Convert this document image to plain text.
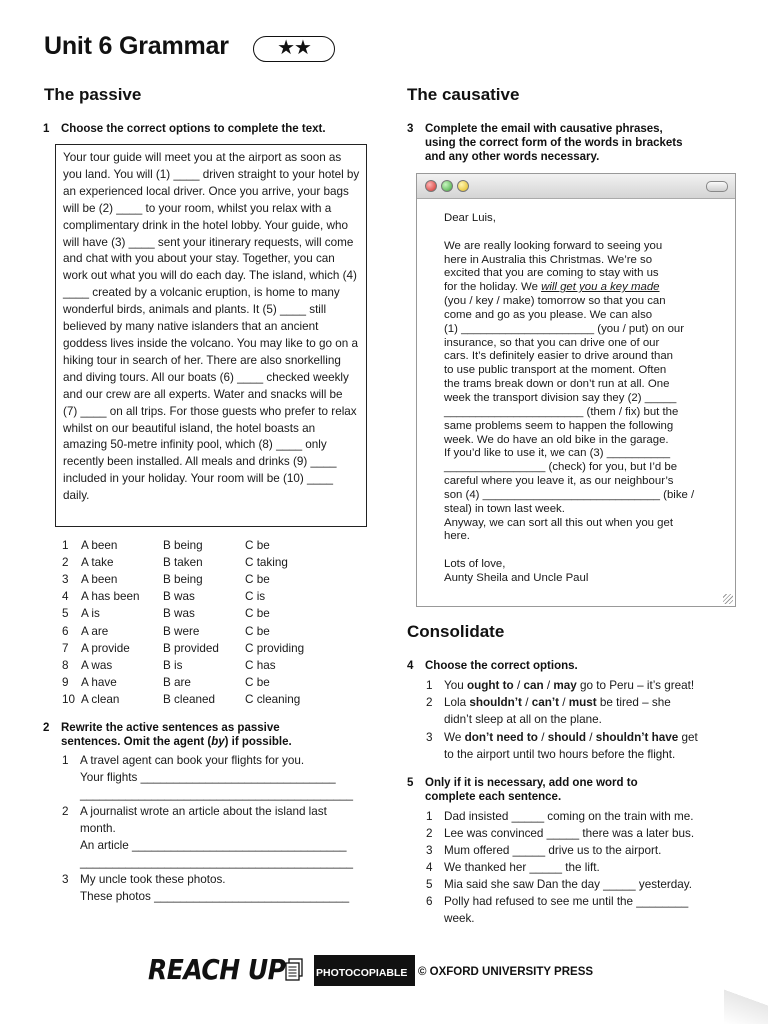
Unit 6 Grammar	★★
The passive
1 Choose the correct options to complete the text.
Your tour guide will meet you at the airport as soon as you land. You will (1) ____ driven straight to your hotel by an experienced local driver. Once you arrive, your bags will be (2) ____ to your room, whilst you relax with a complimentary drink in the hotel lobby. Your guide, who will have (3) ____ sent your itinerary requests, will come and chat with you about your stay. Together, you can work out what you will do each day. The island, which (4) ____ created by a volcanic eruption, is home to many wonderful birds, animals and plants. It (5) ____ still believed by many native islanders that an ancient goddess lives inside the volcano. You may like to go on a hiking tour in search of her. There are also snorkelling and diving tours. All our boats (6) ____ checked weekly and our crew are all experts. Water and snacks will be (7) ____ on all trips. For those guests who prefer to relax whilst on our beautiful island, the hotel boasts an amazing 50-metre infinity pool, which (8) ____ only recently been installed. All meals and drinks (9) ____ included in your holiday. Your room will be (10) ____ daily.
1 A been	B being	C be
2 A take	B taken	C taking
3 A been	B being	C be
4 A has been B was	C is
5 A is	B was	C be
6 A are	B were	C be
7 A provide	B provided C providing
8 A was	B is	C has
9 A have	B are	C be
10 A clean	B cleaned	C cleaning
2 Rewrite the active sentences as passive
sentences. Omit the agent (by) if possible.
1 A travel agent can book your flights for you.
Your flights ______________________________
__________________________________________
2 A journalist wrote an article about the island last
month.
An article _________________________________
__________________________________________
3 My uncle took these photos.
These photos ______________________________
The causative
3 Complete the email with causative phrases,
using the correct form of the words in brackets
and any other words necessary.

Dear Luis,

We are really looking forward to seeing you

here in Australia this Christmas. We’re so

excited that you are coming to stay with us

for the holiday. We will get you a key made

(you / key / make) tomorrow so that you can

come and go as you please. We can also

(1) _____________________ (you / put) on our

insurance, so that you can drive one of our

cars. It’s definitely easier to drive around than

to use public transport at the moment. Often

the trams break down or don’t run at all. One

week the transport division say they (2) _____

______________________ (them / fix) but the

same problems seem to happen the following

week. We do have an old bike in the garage.

If you’d like to use it, we can (3) __________

________________ (check) for you, but I’d be

careful where you leave it, as our neighbour’s

son (4) ____________________________ (bike /

steal) in town last week.

Anyway, we can sort all this out when you get

here.

Lots of love,

Aunty Sheila and Uncle Paul

Consolidate
4 Choose the correct options.
1 You ought to / can / may go to Peru – it’s great!
2 Lola shouldn’t / can’t / must be tired – she
didn’t sleep at all on the plane.
3 We don’t need to / should / shouldn’t have get
to the airport until two hours before the flight.
5 Only if it is necessary, add one word to
complete each sentence.
1 Dad insisted _____ coming on the train with me.
2 Lee was convinced _____ there was a later bus.
3 Mum offered _____ drive us to the airport.
4 We thanked her _____ the lift.
5 Mia said she saw Dan the day _____ yesterday.
6 Polly had refused to see me until the ________
week.
REACH UP	PHOTOCOPIABLE © OXFORD UNIVERSITY PRESS
